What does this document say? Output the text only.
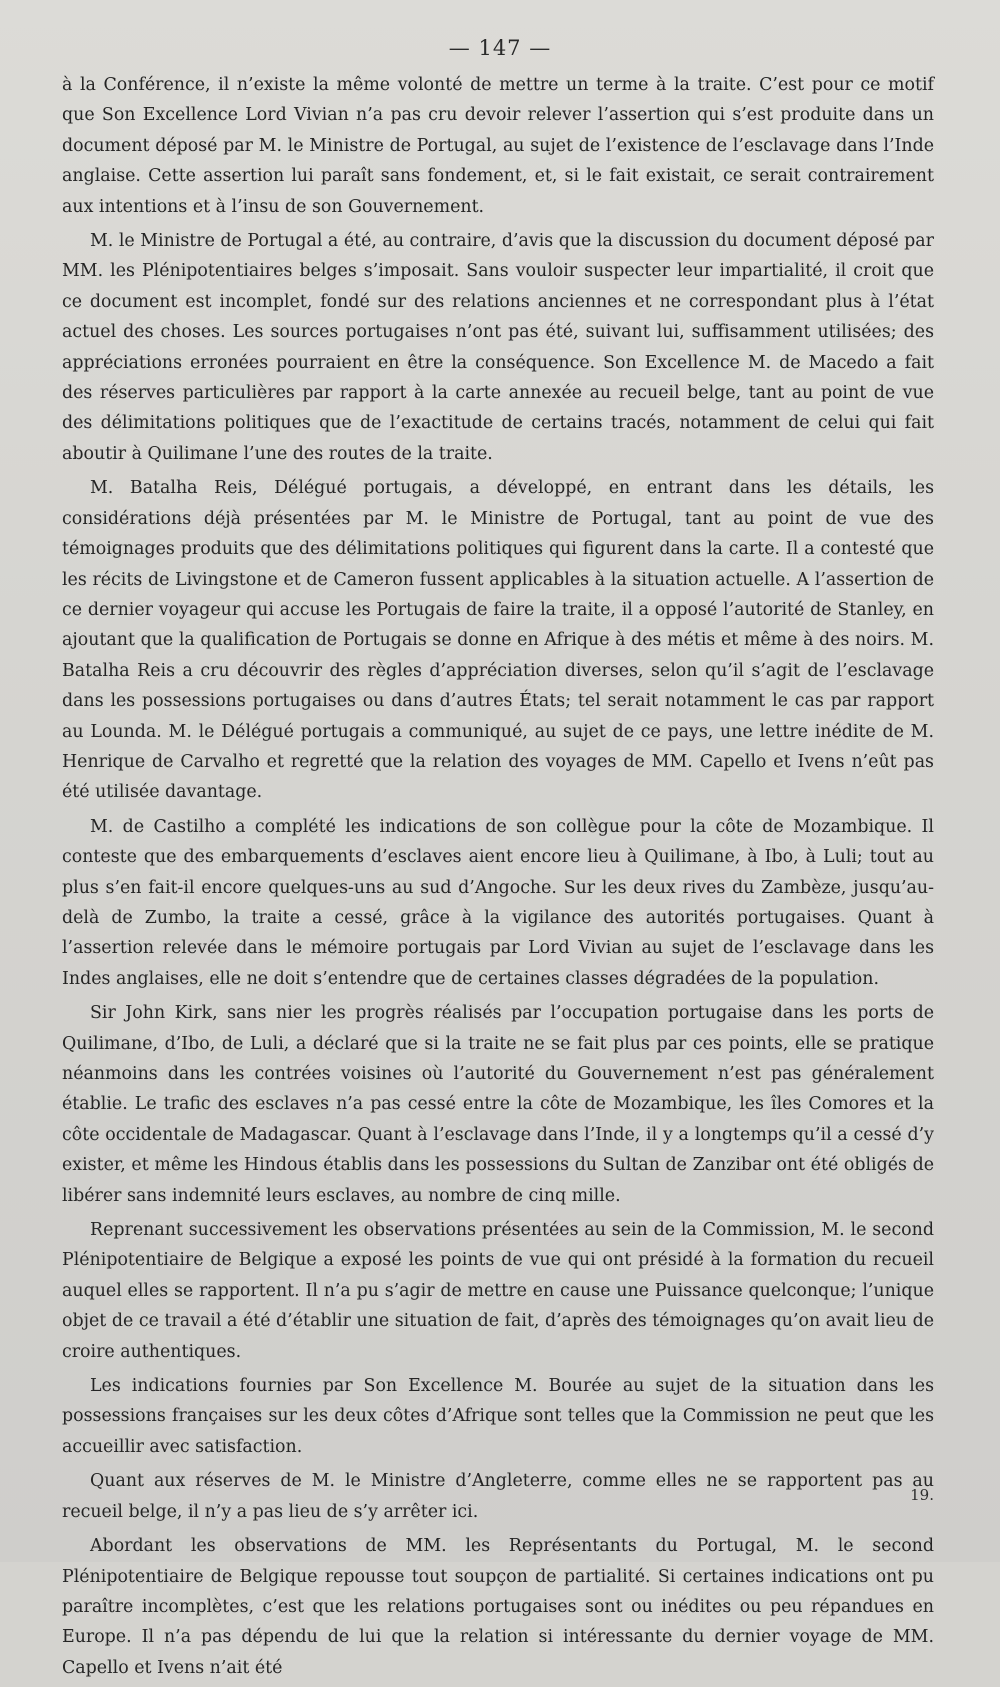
— 147 —

à la Conférence, il n’existe la même volonté de mettre un terme à la traite. C’est pour ce motif que Son Excellence Lord Vivian n’a pas cru devoir relever l’assertion qui s’est produite dans un document déposé par M. le Ministre de Portugal, au sujet de l’existence de l’esclavage dans l’Inde anglaise. Cette assertion lui paraît sans fondement, et, si le fait existait, ce serait contrairement aux intentions et à l’insu de son Gouvernement.

M. le Ministre de Portugal a été, au contraire, d’avis que la discussion du document déposé par MM. les Plénipotentiaires belges s’imposait. Sans vouloir suspecter leur impartialité, il croit que ce document est incomplet, fondé sur des relations anciennes et ne correspondant plus à l’état actuel des choses. Les sources portugaises n’ont pas été, suivant lui, suffisamment utilisées; des appréciations erronées pourraient en être la conséquence. Son Excellence M. de Macedo a fait des réserves particulières par rapport à la carte annexée au recueil belge, tant au point de vue des délimitations politiques que de l’exactitude de certains tracés, notamment de celui qui fait aboutir à Quilimane l’une des routes de la traite.

M. Batalha Reis, Délégué portugais, a développé, en entrant dans les détails, les considérations déjà présentées par M. le Ministre de Portugal, tant au point de vue des témoignages produits que des délimitations politiques qui figurent dans la carte. Il a contesté que les récits de Livingstone et de Cameron fussent applicables à la situation actuelle. A l’assertion de ce dernier voyageur qui accuse les Portugais de faire la traite, il a opposé l’autorité de Stanley, en ajoutant que la qualification de Portugais se donne en Afrique à des métis et même à des noirs. M. Batalha Reis a cru découvrir des règles d’appréciation diverses, selon qu’il s’agit de l’esclavage dans les possessions portugaises ou dans d’autres États; tel serait notamment le cas par rapport au Lounda. M. le Délégué portugais a communiqué, au sujet de ce pays, une lettre inédite de M. Henrique de Carvalho et regretté que la relation des voyages de MM. Capello et Ivens n’eût pas été utilisée davantage.

M. de Castilho a complété les indications de son collègue pour la côte de Mozambique. Il conteste que des embarquements d’esclaves aient encore lieu à Quilimane, à Ibo, à Luli; tout au plus s’en fait-il encore quelques-uns au sud d’Angoche. Sur les deux rives du Zambèze, jusqu’au-delà de Zumbo, la traite a cessé, grâce à la vigilance des autorités portugaises. Quant à l’assertion relevée dans le mémoire portugais par Lord Vivian au sujet de l’esclavage dans les Indes anglaises, elle ne doit s’entendre que de certaines classes dégradées de la population.

Sir John Kirk, sans nier les progrès réalisés par l’occupation portugaise dans les ports de Quilimane, d’Ibo, de Luli, a déclaré que si la traite ne se fait plus par ces points, elle se pratique néanmoins dans les contrées voisines où l’autorité du Gouvernement n’est pas généralement établie. Le trafic des esclaves n’a pas cessé entre la côte de Mozambique, les îles Comores et la côte occidentale de Madagascar. Quant à l’esclavage dans l’Inde, il y a longtemps qu’il a cessé d’y exister, et même les Hindous établis dans les possessions du Sultan de Zanzibar ont été obligés de libérer sans indemnité leurs esclaves, au nombre de cinq mille.

Reprenant successivement les observations présentées au sein de la Commission, M. le second Plénipotentiaire de Belgique a exposé les points de vue qui ont présidé à la formation du recueil auquel elles se rapportent. Il n’a pu s’agir de mettre en cause une Puissance quelconque; l’unique objet de ce travail a été d’établir une situation de fait, d’après des témoignages qu’on avait lieu de croire authentiques.

Les indications fournies par Son Excellence M. Bourée au sujet de la situation dans les possessions françaises sur les deux côtes d’Afrique sont telles que la Commission ne peut que les accueillir avec satisfaction.

Quant aux réserves de M. le Ministre d’Angleterre, comme elles ne se rapportent pas au recueil belge, il n’y a pas lieu de s’y arrêter ici.

Abordant les observations de MM. les Représentants du Portugal, M. le second Plénipotentiaire de Belgique repousse tout soupçon de partialité. Si certaines indications ont pu paraître incomplètes, c’est que les relations portugaises sont ou inédites ou peu répandues en Europe. Il n’a pas dépendu de lui que la relation si intéressante du dernier voyage de MM. Capello et Ivens n’ait été

19.
